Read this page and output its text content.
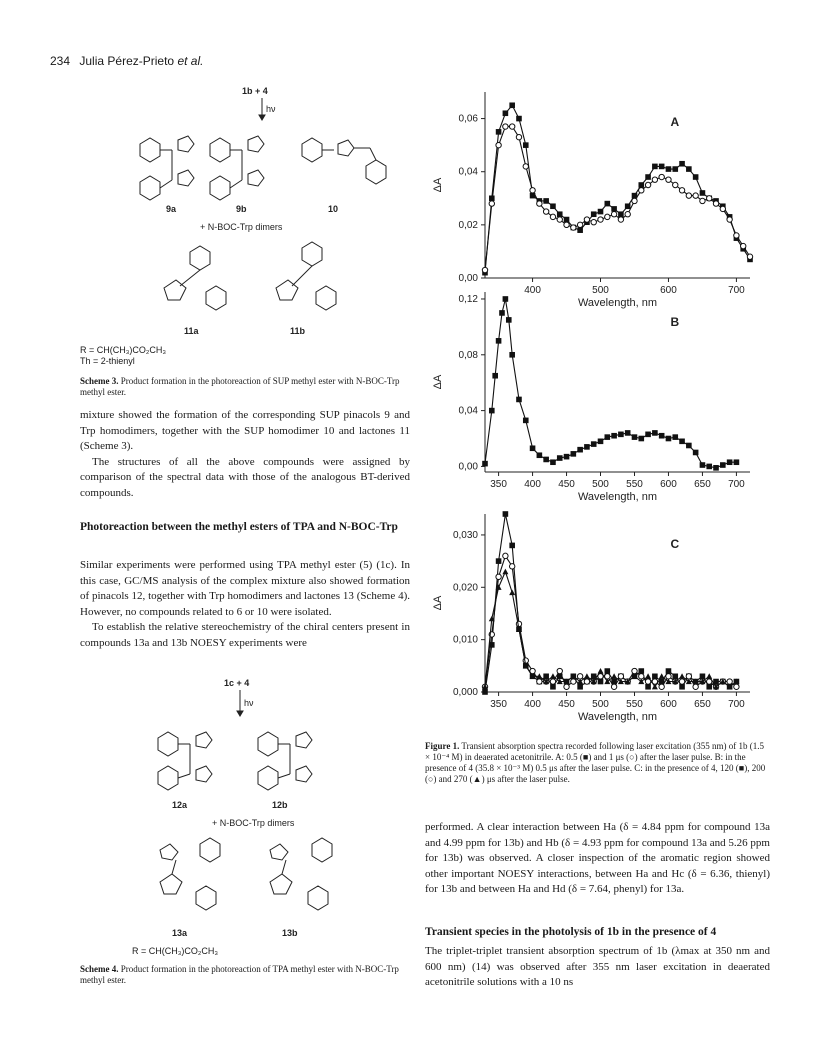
234 Julia Pérez-Prieto et al.
1b + 4
hν
9a	9b	10
+ N-BOC-Trp dimers
11a	11b
R = CH(CH₃)CO₂CH₃
Th = 2-thienyl
Scheme 3. Product formation in the photoreaction of SUP methyl ester with N-BOC-Trp methyl ester.

mixture showed the formation of the corresponding SUP pinacols 9 and Trp homodimers, together with the SUP homodimer 10 and lactones 11 (Scheme 3).

The structures of all the above compounds were assigned by comparison of the spectral data with those of the analogous BT-derived compounds.

Photoreaction between the methyl esters of TPA and N-BOC-Trp

Similar experiments were performed using TPA methyl ester (5) (1c). In this case, GC/MS analysis of the complex mixture also showed formation of pinacols 12, together with Trp homodimers and lactones 13 (Scheme 4). However, no compounds related to 6 or 10 were isolated.

To establish the relative stereochemistry of the chiral centers present in compounds 13a and 13b NOESY experiments were

1c + 4
hν
12a	12b
+ N-BOC-Trp dimers
13a	13b
R = CH(CH₃)CO₂CH₃
Scheme 4. Product formation in the photoreaction of TPA methyl ester with N-BOC-Trp methyl ester.
0,00
0,02
0,04
0,06
400	500	600	700
Wavelength, nm
ΔA
A
0,00
0,04
0,08
0,12
350 400 450 500 550 600 650 700
Wavelength, nm
ΔA
B
0,000
0,010
0,020
0,030
350 400 450 500 550 600 650 700
Wavelength, nm
ΔA
C
Figure 1. Transient absorption spectra recorded following laser excitation (355 nm) of 1b (1.5 × 10⁻⁴ M) in deaerated acetonitrile. A: 0.5 (■) and 1 μs (○) after the laser pulse. B: in the presence of 4 (35.8 × 10⁻³ M) 0.5 μs after the laser pulse. C: in the presence of 4, 120 (■), 200 (○) and 270 (▲) μs after the laser pulse.

performed. A clear interaction between Ha (δ = 4.84 ppm for compound 13a and 4.99 ppm for 13b) and Hb (δ = 4.93 ppm for compound 13a and 5.26 ppm for 13b) was observed. A closer inspection of the aromatic region showed other important NOESY interactions, between Ha and Hc (δ = 6.36, thienyl) for 13b and between Ha and Hd (δ = 7.64, phenyl) for 13a.

Transient species in the photolysis of 1b in the presence of 4

The triplet-triplet transient absorption spectrum of 1b (λmax at 350 nm and 600 nm) (14) was observed after 355 nm laser excitation in deaerated acetonitrile solutions with a 10 ns
